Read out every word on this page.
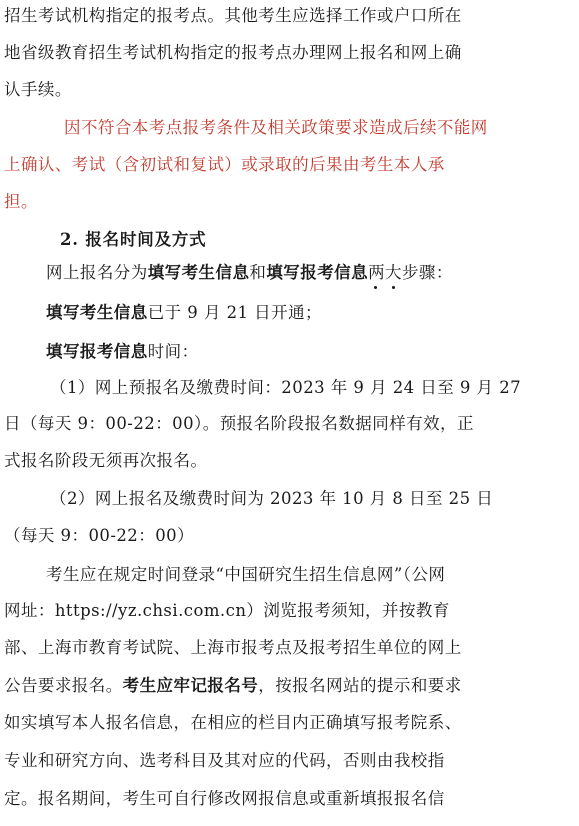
招生考试机构指定的报考点。其他考生应选择工作或户口所在
地省级教育招生考试机构指定的报考点办理网上报名和网上确
认手续。
因不符合本考点报考条件及相关政策要求造成后续不能网
上确认、考试（含初试和复试）或录取的后果由考生本人承
担。
2. 报名时间及方式
网上报名分为填写考生信息和填写报考信息两大步骤：
填写考生信息已于 9 月 21 日开通；
填写报考信息时间：
（1）网上预报名及缴费时间：2023 年 9 月 24 日至 9 月 27
日（每天 9：00-22：00）。预报名阶段报名数据同样有效，正
式报名阶段无须再次报名。
（2）网上报名及缴费时间为 2023 年 10 月 8 日至 25 日
（每天 9：00-22：00）
考生应在规定时间登录“中国研究生招生信息网”（公网
网址：https://yz.chsi.com.cn）浏览报考须知，并按教育
部、上海市教育考试院、上海市报考点及报考招生单位的网上
公告要求报名。考生应牢记报名号，按报名网站的提示和要求
如实填写本人报名信息，在相应的栏目内正确填写报考院系、
专业和研究方向、选考科目及其对应的代码，否则由我校指
定。报名期间，考生可自行修改网报信息或重新填报报名信
